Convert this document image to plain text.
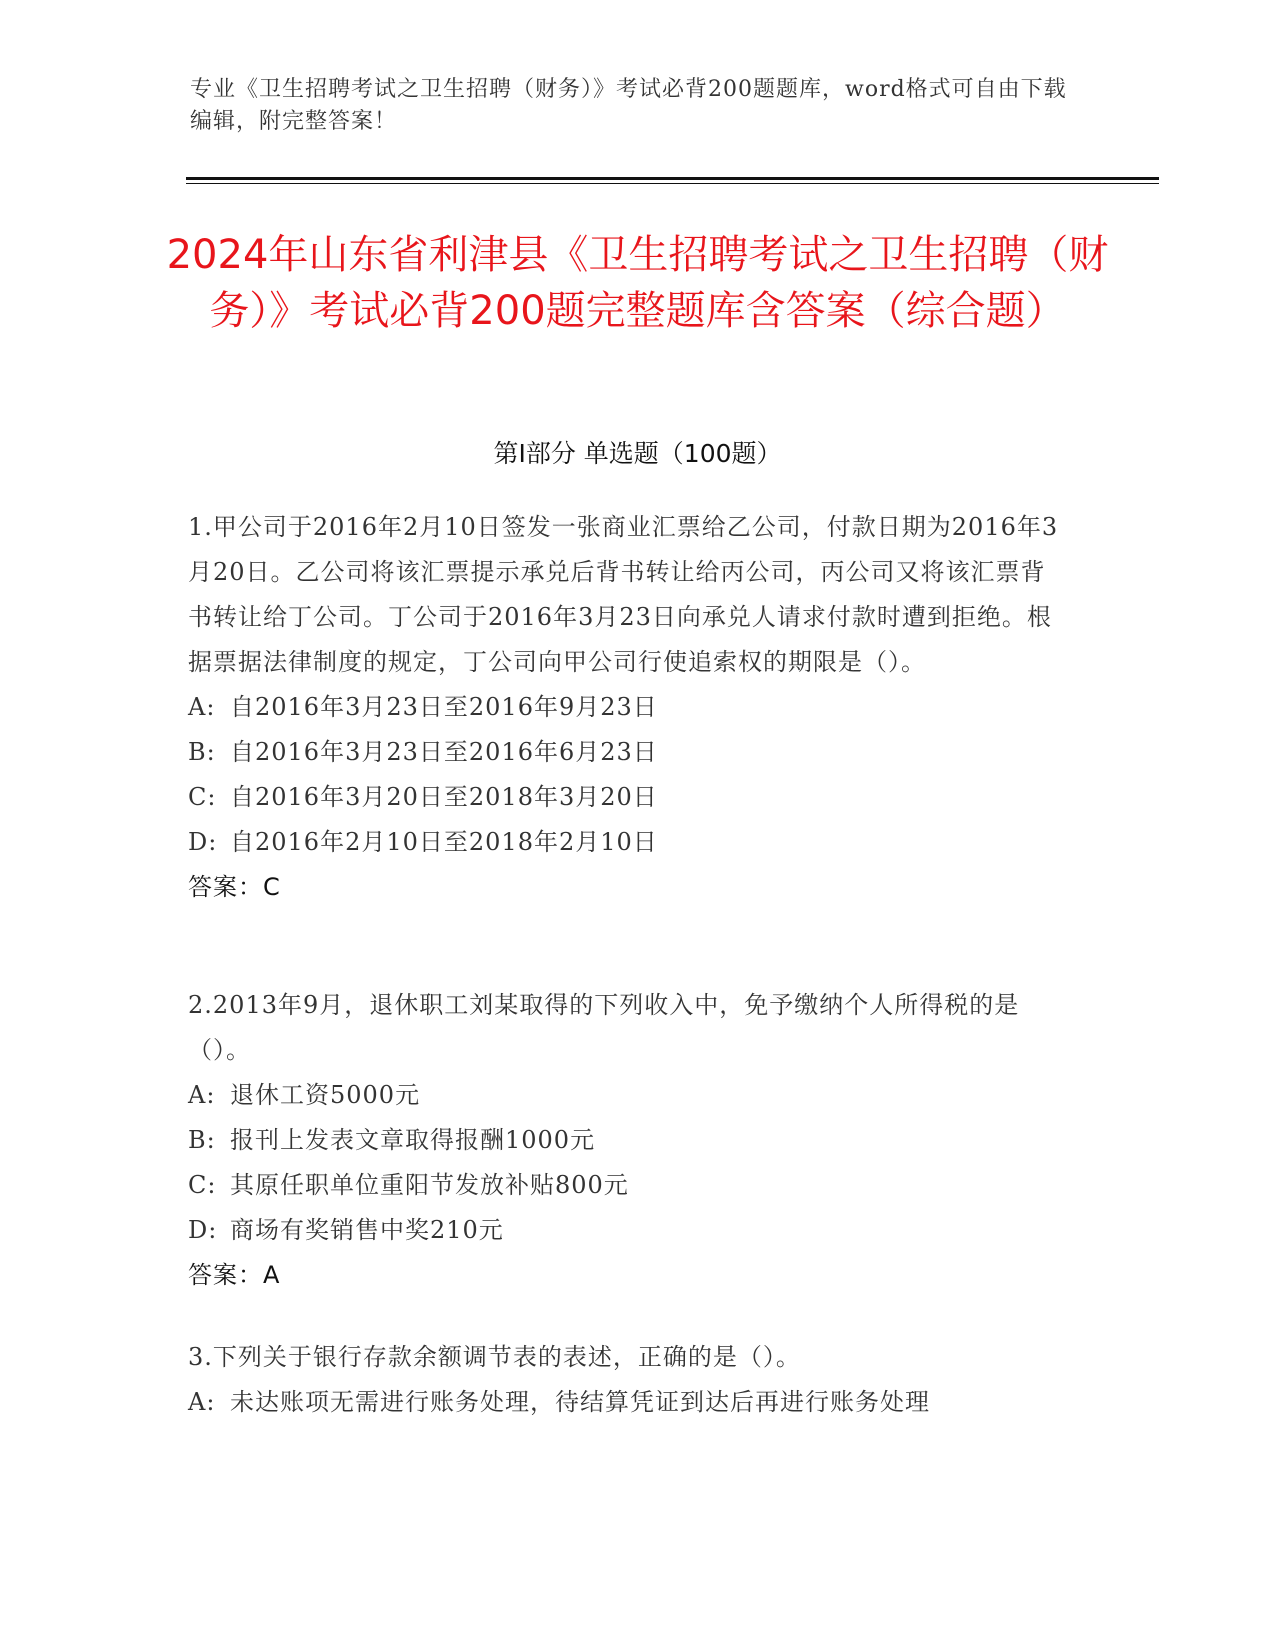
专业《卫生招聘考试之卫生招聘（财务）》考试必背200题题库，word格式可自由下载编辑，附完整答案！
2024年山东省利津县《卫生招聘考试之卫生招聘（财务）》考试必背200题完整题库含答案（综合题）
第I部分 单选题（100题）

1.甲公司于2016年2月10日签发一张商业汇票给乙公司，付款日期为2016年3月20日。乙公司将该汇票提示承兑后背书转让给丙公司，丙公司又将该汇票背书转让给丁公司。丁公司于2016年3月23日向承兑人请求付款时遭到拒绝。根据票据法律制度的规定，丁公司向甲公司行使追索权的期限是（）。

A: 自2016年3月23日至2016年9月23日

B: 自2016年3月23日至2016年6月23日

C: 自2016年3月20日至2018年3月20日

D: 自2016年2月10日至2018年2月10日

答案：C

2.2013年9月，退休职工刘某取得的下列收入中，免予缴纳个人所得税的是（）。

A: 退休工资5000元

B: 报刊上发表文章取得报酬1000元

C: 其原任职单位重阳节发放补贴800元

D: 商场有奖销售中奖210元

答案：A

3.下列关于银行存款余额调节表的表述，正确的是（）。

A: 未达账项无需进行账务处理，待结算凭证到达后再进行账务处理
